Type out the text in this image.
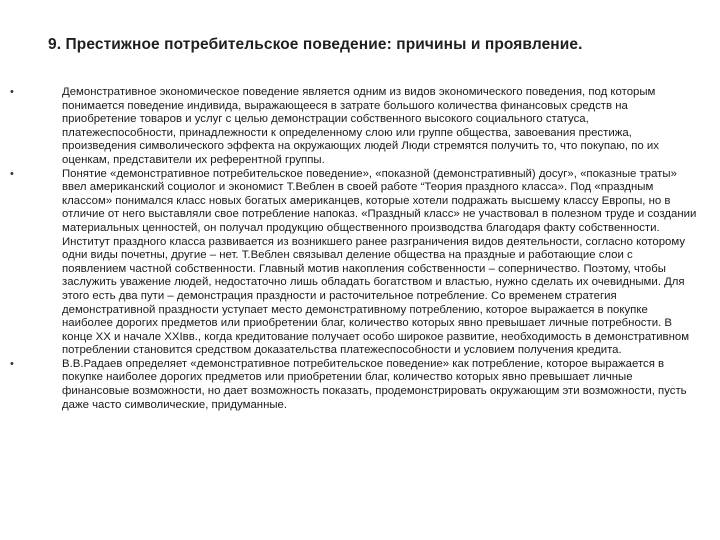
9. Престижное потребительское поведение: причины и проявление.
•	Демонстративное экономическое поведение является одним из видов экономического поведения, под которым понимается поведение индивида, выражающееся в затрате большого количества финансовых средств на приобретение товаров и услуг с целью демонстрации собственного высокого социального статуса, платежеспособности, принадлежности к определенному слою или группе общества, завоевания престижа, произведения символического эффекта на окружающих людей Люди стремятся получить то, что покупаю, по их оценкам, представители их референтной группы.
•	Понятие «демонстративное потребительское поведение», «показной (демонстративный) досуг», «показные траты» ввел американский социолог и экономист Т.Веблен в своей работе “Теория праздного класса». Под «праздным классом» понимался класс новых богатых американцев, которые хотели подражать высшему классу Европы, но в отличие от него выставляли свое потребление напоказ. «Праздный класс» не участвовал в полезном труде и создании материальных ценностей, он получал продукцию общественного производства благодаря факту собственности. Институт праздного класса развивается из возникшего ранее разграничения видов деятельности, согласно которому одни виды почетны, другие – нет. Т.Веблен связывал деление общества на праздные и работающие слои с появлением частной собственности. Главный мотив накопления собственности – соперничество. Поэтому, чтобы заслужить уважение людей, недостаточно лишь обладать богатством и властью, нужно сделать их очевидными. Для этого есть два пути – демонстрация праздности и расточительное потребление. Со временем стратегия демонстративной праздности уступает место демонстративному потреблению, которое выражается в покупке наиболее дорогих предметов или приобретении благ, количество которых явно превышает личные потребности. В конце XX и начале XXIвв., когда кредитование получает особо широкое развитие, необходимость в демонстративном потреблении становится средством доказательства платежеспособности и условием получения кредита.
•	В.В.Радаев определяет «демонстративное потребительское поведение» как потребление, которое выражается в покупке наиболее дорогих предметов или приобретении благ, количество которых явно превышает личные финансовые возможности, но дает возможность показать, продемонстрировать окружающим эти возможности, пусть даже часто символические, придуманные.
